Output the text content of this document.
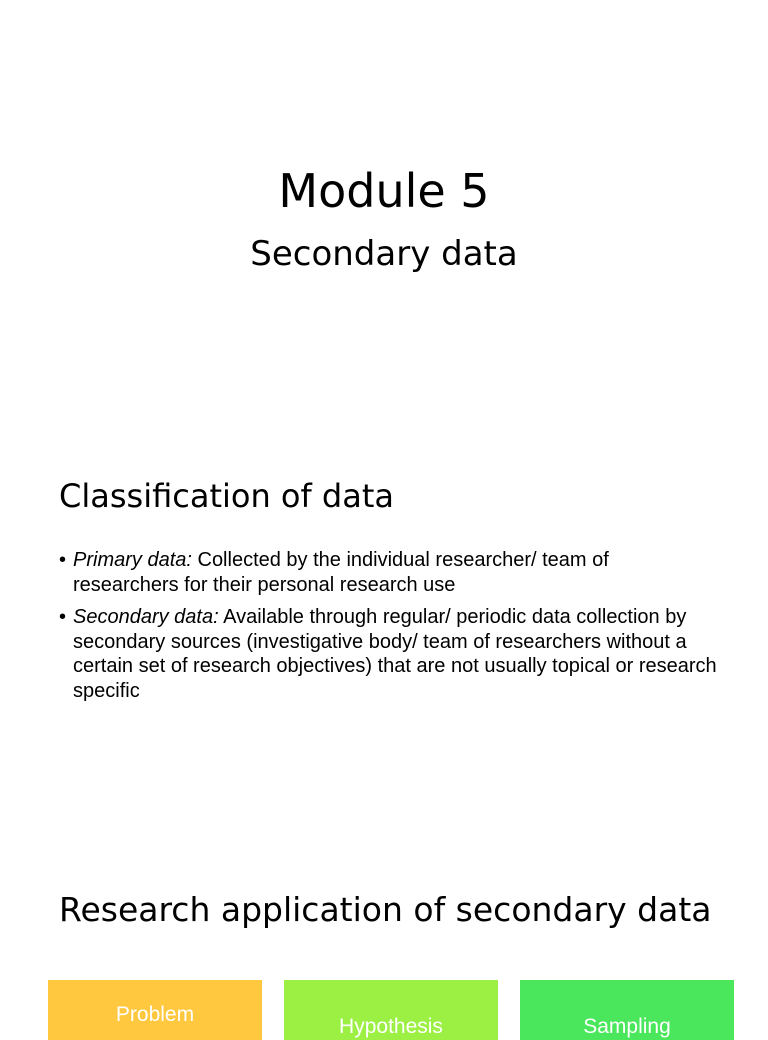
Module 5
Secondary data
Classification of data
• Primary data: Collected by the individual researcher/ team of researchers for their personal research use
• Secondary data: Available through regular/ periodic data collection by secondary sources (investigative body/ team of researchers without a certain set of research objectives) that are not usually topical or research specific
Research application of secondary data
Problem
Hypothesis	Sampling
